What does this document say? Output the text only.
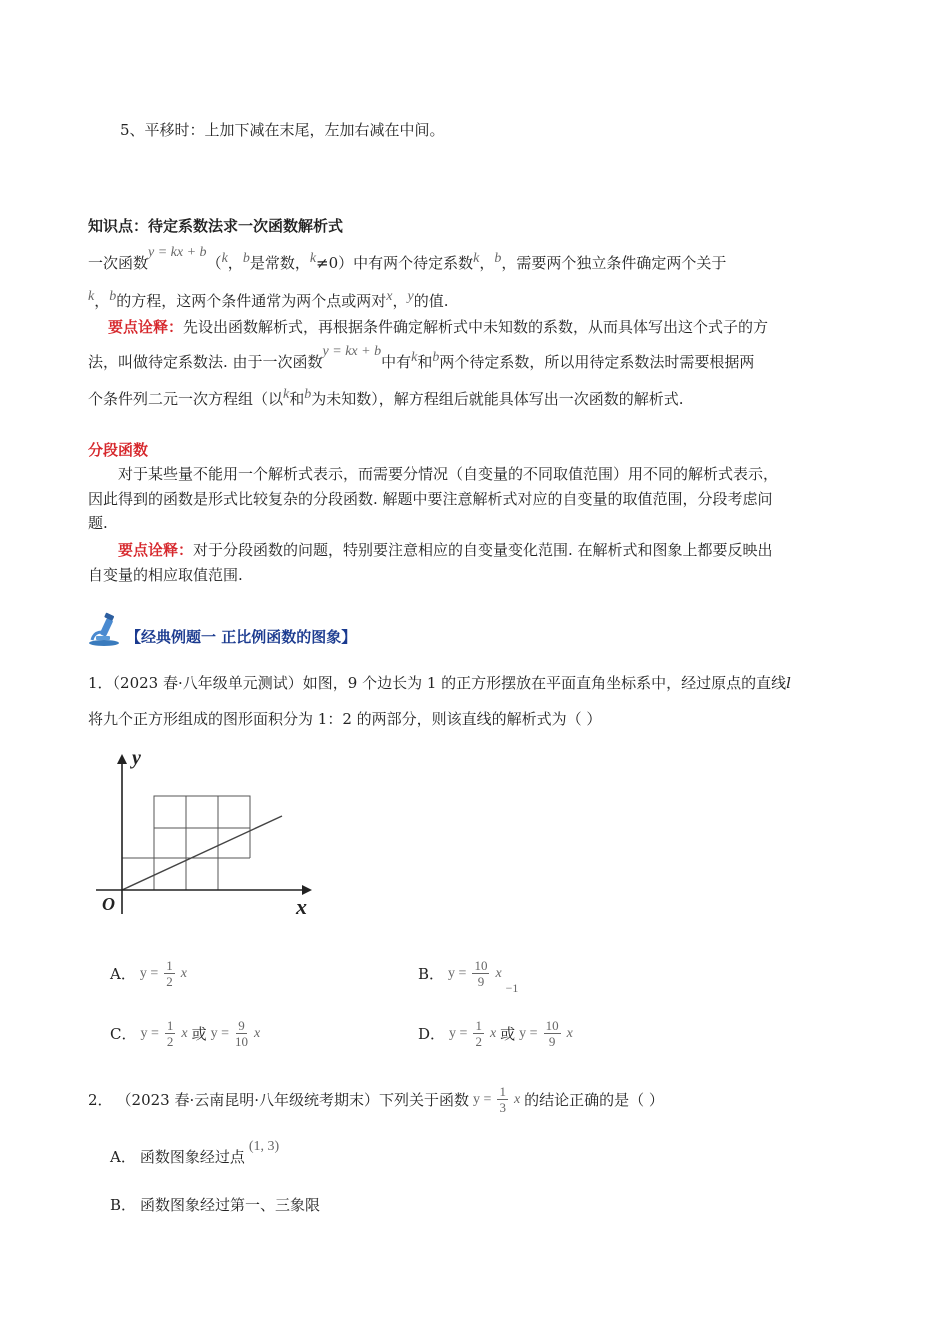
5、平移时：上加下减在末尾，左加右减在中间。
知识点：待定系数法求一次函数解析式
一次函数y = kx + b（k，b是常数，k≠0）中有两个待定系数k，b，需要两个独立条件确定两个关于
k，b的方程，这两个条件通常为两个点或两对x，y的值.
要点诠释：先设出函数解析式，再根据条件确定解析式中未知数的系数，从而具体写出这个式子的方
法，叫做待定系数法. 由于一次函数y = kx + b中有k和b两个待定系数，所以用待定系数法时需要根据两
个条件列二元一次方程组（以k和b为未知数），解方程组后就能具体写出一次函数的解析式.
分段函数
对于某些量不能用一个解析式表示，而需要分情况（自变量的不同取值范围）用不同的解析式表示，
因此得到的函数是形式比较复杂的分段函数. 解题中要注意解析式对应的自变量的取值范围，分段考虑问
题.
要点诠释：对于分段函数的问题，特别要注意相应的自变量变化范围. 在解析式和图象上都要反映出
自变量的相应取值范围.
【经典例题一 正比例函数的图象】
1．（2023 春·八年级单元测试）如图，9 个边长为 1 的正方形摆放在平面直角坐标系中，经过原点的直线l
将九个正方形组成的图形面积分为 1：2 的两部分，则该直线的解析式为（ ）
y
x
O
A． $y = \frac{1}{2}$ x	B． $y = \frac{10}{9}$ x
−1
C． $y = \frac{1}{2}$ x 或 $y = \frac{9}{10}$ x	D． $y = \frac{1}{2}$ x 或 $y = \frac{10}{9}$ x
2． （2023 春·云南昆明·八年级统考期末）下列关于函数 $y = \frac{1}{3}$ x 的结论正确的是（ ）
A． 函数图象经过点
(1, 3)
B． 函数图象经过第一、三象限
